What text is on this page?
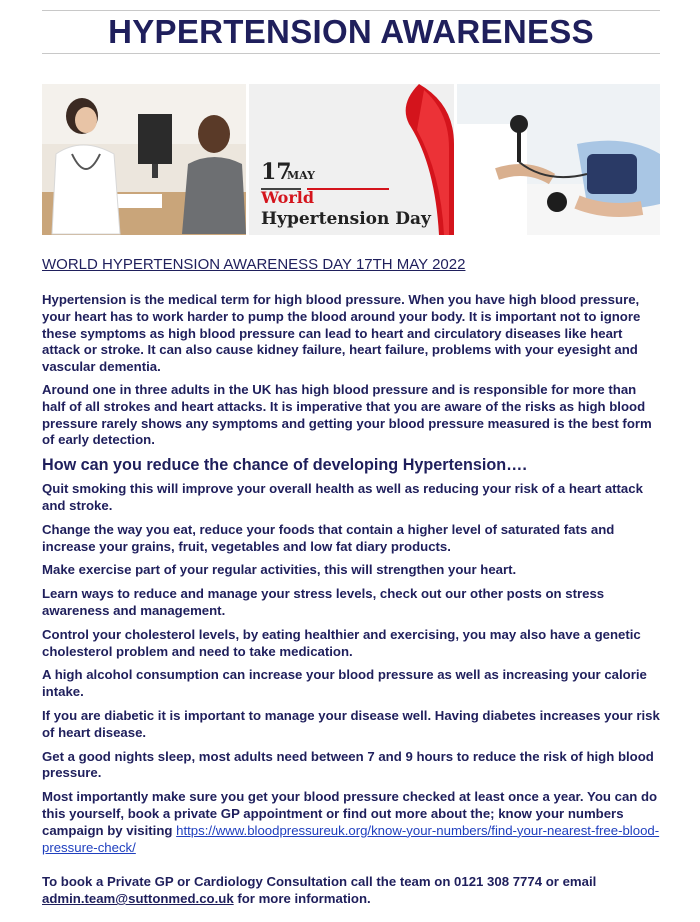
HYPERTENSION AWARENESS
17
MAY
World
Hypertension Day
WORLD HYPERTENSION AWARENESS DAY 17TH MAY 2022

Hypertension is the medical term for high blood pressure. When you have high blood pressure, your heart has to work harder to pump the blood around your body. It is important not to ignore these symptoms as high blood pressure can lead to heart and circulatory diseases like heart attack or stroke. It can also cause kidney failure, heart failure, problems with your eyesight and vascular dementia.

Around one in three adults in the UK has high blood pressure and is responsible for more than half of all strokes and heart attacks. It is imperative that you are aware of the risks as high blood pressure rarely shows any symptoms and getting your blood pressure measured is the best form of early detection.

How can you reduce the chance of developing Hypertension….

Quit smoking this will improve your overall health as well as reducing your risk of a heart attack and stroke.

Change the way you eat, reduce your foods that contain a higher level of saturated fats and increase your grains, fruit, vegetables and low fat diary products.

Make exercise part of your regular activities, this will strengthen your heart.

Learn ways to reduce and manage your stress levels, check out our other posts on stress awareness and management.

Control your cholesterol levels, by eating healthier and exercising, you may also have a genetic cholesterol problem and need to take medication.

A high alcohol consumption can increase your blood pressure as well as increasing your calorie intake.

If you are diabetic it is important to manage your disease well. Having diabetes increases your risk of heart disease.

Get a good nights sleep, most adults need between 7 and 9 hours to reduce the risk of high blood pressure.

Most importantly make sure you get your blood pressure checked at least once a year. You can do this yourself, book a private GP appointment or find out more about the; know your numbers campaign by visiting https://www.bloodpressureuk.org/know-your-numbers/find-your-nearest-free-blood-pressure-check/

To book a Private GP or Cardiology Consultation call the team on 0121 308 7774 or email admin.team@suttonmed.co.uk for more information.
